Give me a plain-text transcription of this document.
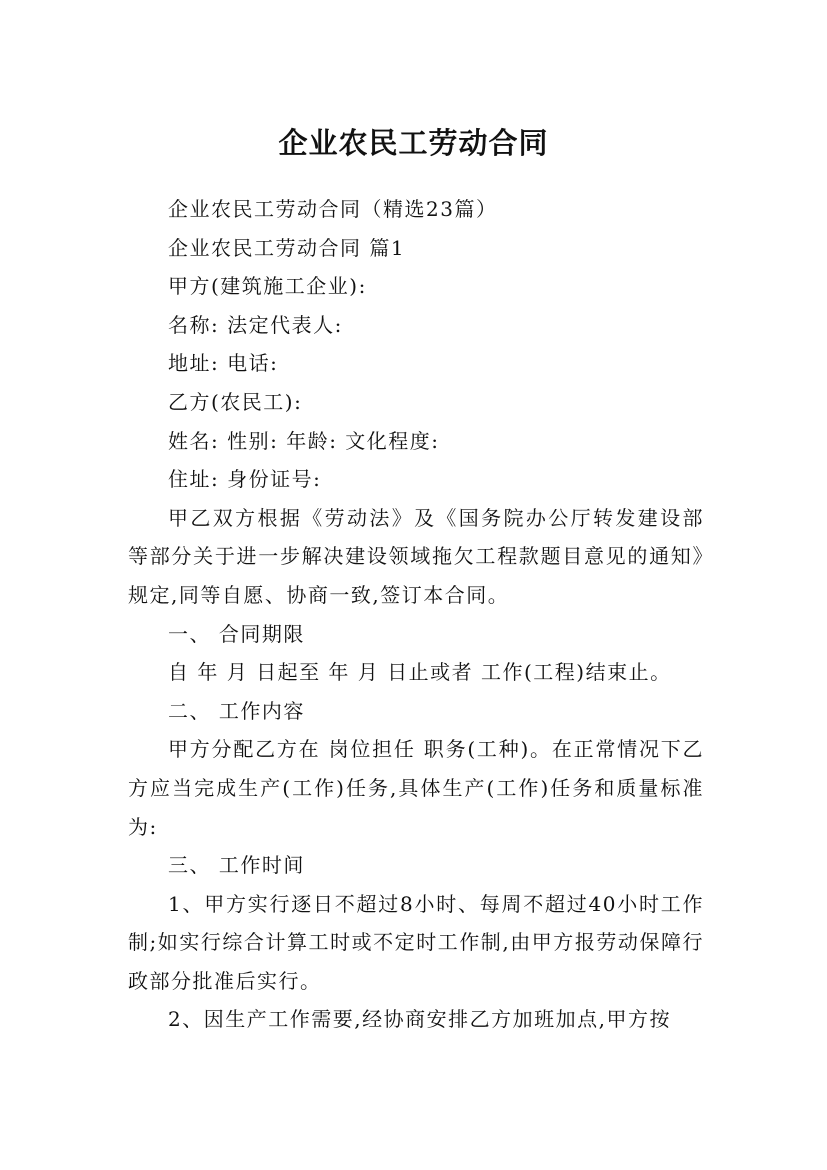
企业农民工劳动合同

企业农民工劳动合同（精选23篇）

企业农民工劳动合同 篇1

甲方(建筑施工企业):

名称: 法定代表人:

地址: 电话:

乙方(农民工):

姓名: 性别: 年龄: 文化程度:

住址: 身份证号:

甲乙双方根据《劳动法》及《国务院办公厅转发建设部等部分关于进一步解决建设领域拖欠工程款题目意见的通知》规定,同等自愿、协商一致,签订本合同。

一、 合同期限

自 年 月 日起至 年 月 日止或者 工作(工程)结束止。

二、 工作内容

甲方分配乙方在 岗位担任 职务(工种)。在正常情况下乙方应当完成生产(工作)任务,具体生产(工作)任务和质量标准为:

三、 工作时间

1、甲方实行逐日不超过8小时、每周不超过40小时工作制;如实行综合计算工时或不定时工作制,由甲方报劳动保障行政部分批准后实行。

2、因生产工作需要,经协商安排乙方加班加点,甲方按
